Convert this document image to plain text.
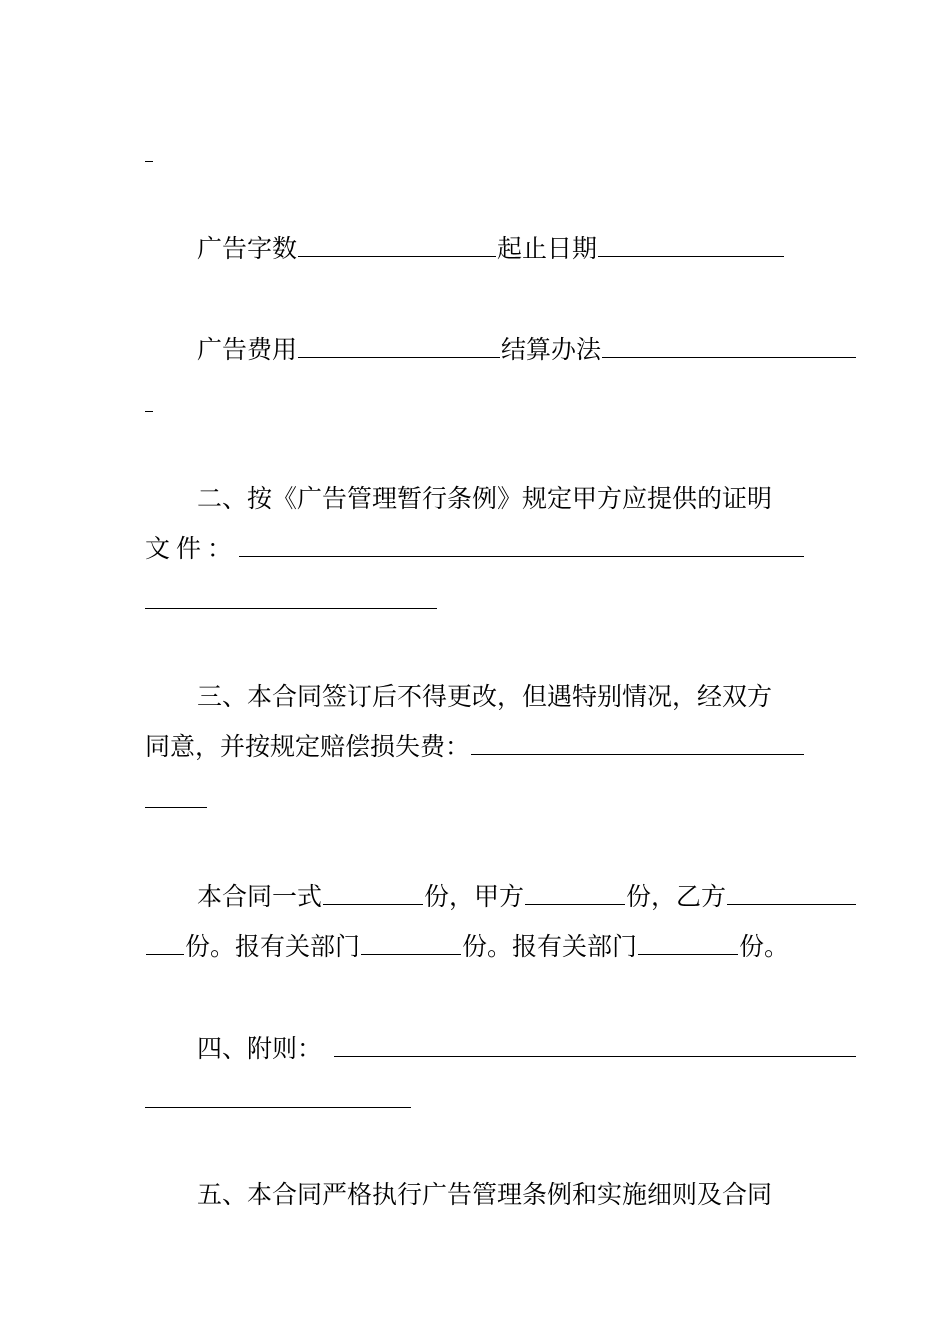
广告字数	起止日期
广告费用	结算办法
二、按《广告管理暂行条例》规定甲方应提供的证明
文件：
三、本合同签订后不得更改，但遇特别情况，经双方
同意，并按规定赔偿损失费：
本合同一式	份，甲方	份，乙方
份。报有关部门	份。报有关部门	份。
四、附则：
五、本合同严格执行广告管理条例和实施细则及合同
